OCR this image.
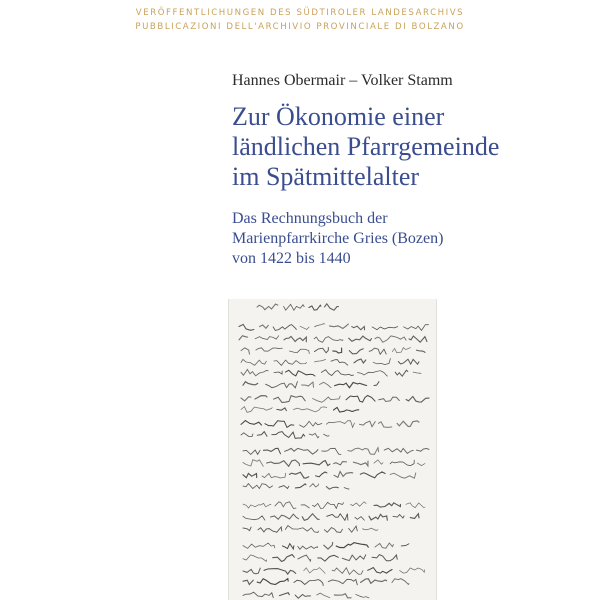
VERÖFFENTLICHUNGEN DES SÜDTIROLER LANDESARCHIVS
PUBBLICAZIONI DELL'ARCHIVIO PROVINCIALE DI BOLZANO
Hannes Obermair – Volker Stamm
Zur Ökonomie einer
ländlichen Pfarrgemeinde
im Spätmittelalter
Das Rechnungsbuch der
Marienpfarrkirche Gries (Bozen)
von 1422 bis 1440
